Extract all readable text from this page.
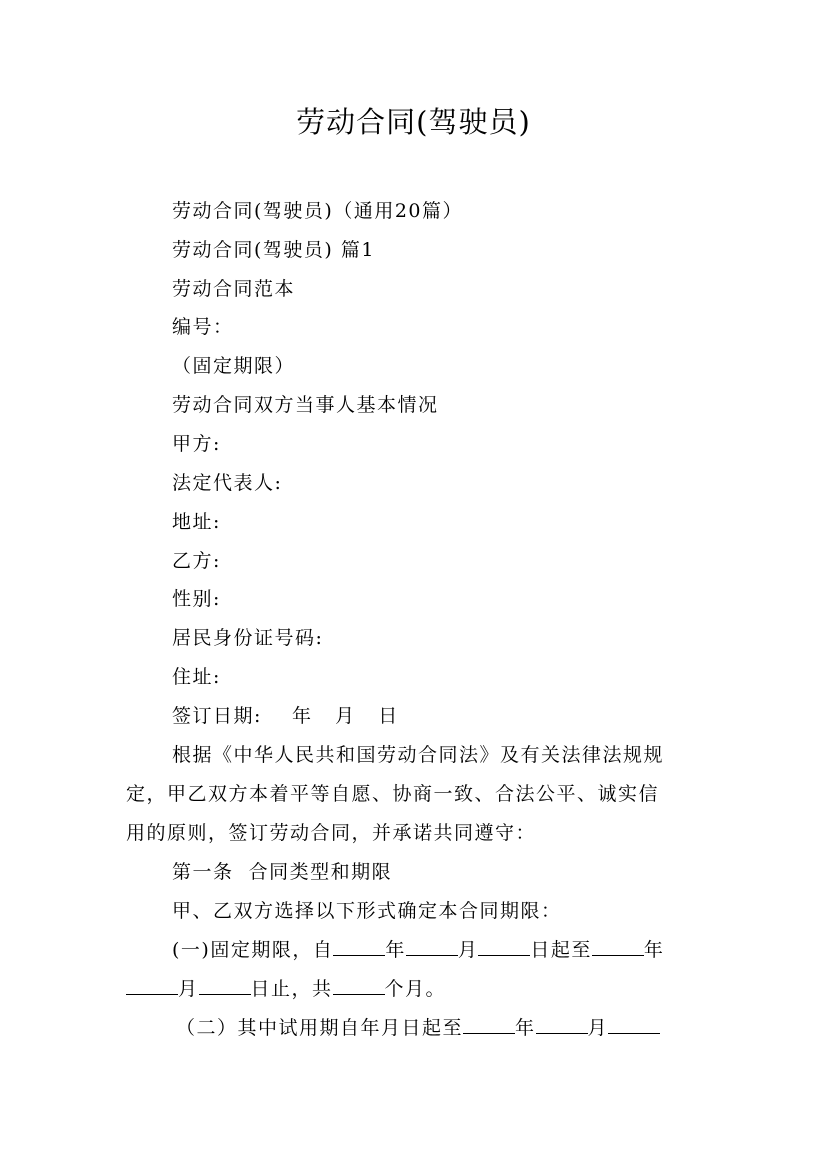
劳动合同(驾驶员)
劳动合同(驾驶员)（通用20篇）
劳动合同(驾驶员) 篇1
劳动合同范本
编号：
（固定期限）
劳动合同双方当事人基本情况
甲方:
法定代表人:
地址:
乙方:
性别:
居民身份证号码:
住址:
签订日期:    年   月   日
根据《中华人民共和国劳动合同法》及有关法律法规规
定，甲乙双方本着平等自愿、协商一致、合法公平、诚实信
用的原则，签订劳动合同，并承诺共同遵守：
第一条  合同类型和期限
甲、乙双方选择以下形式确定本合同期限：
(一)固定期限，自	年	月	日起至	年
月	日止，共	个月。
（二）其中试用期自年月日起至	年	月
